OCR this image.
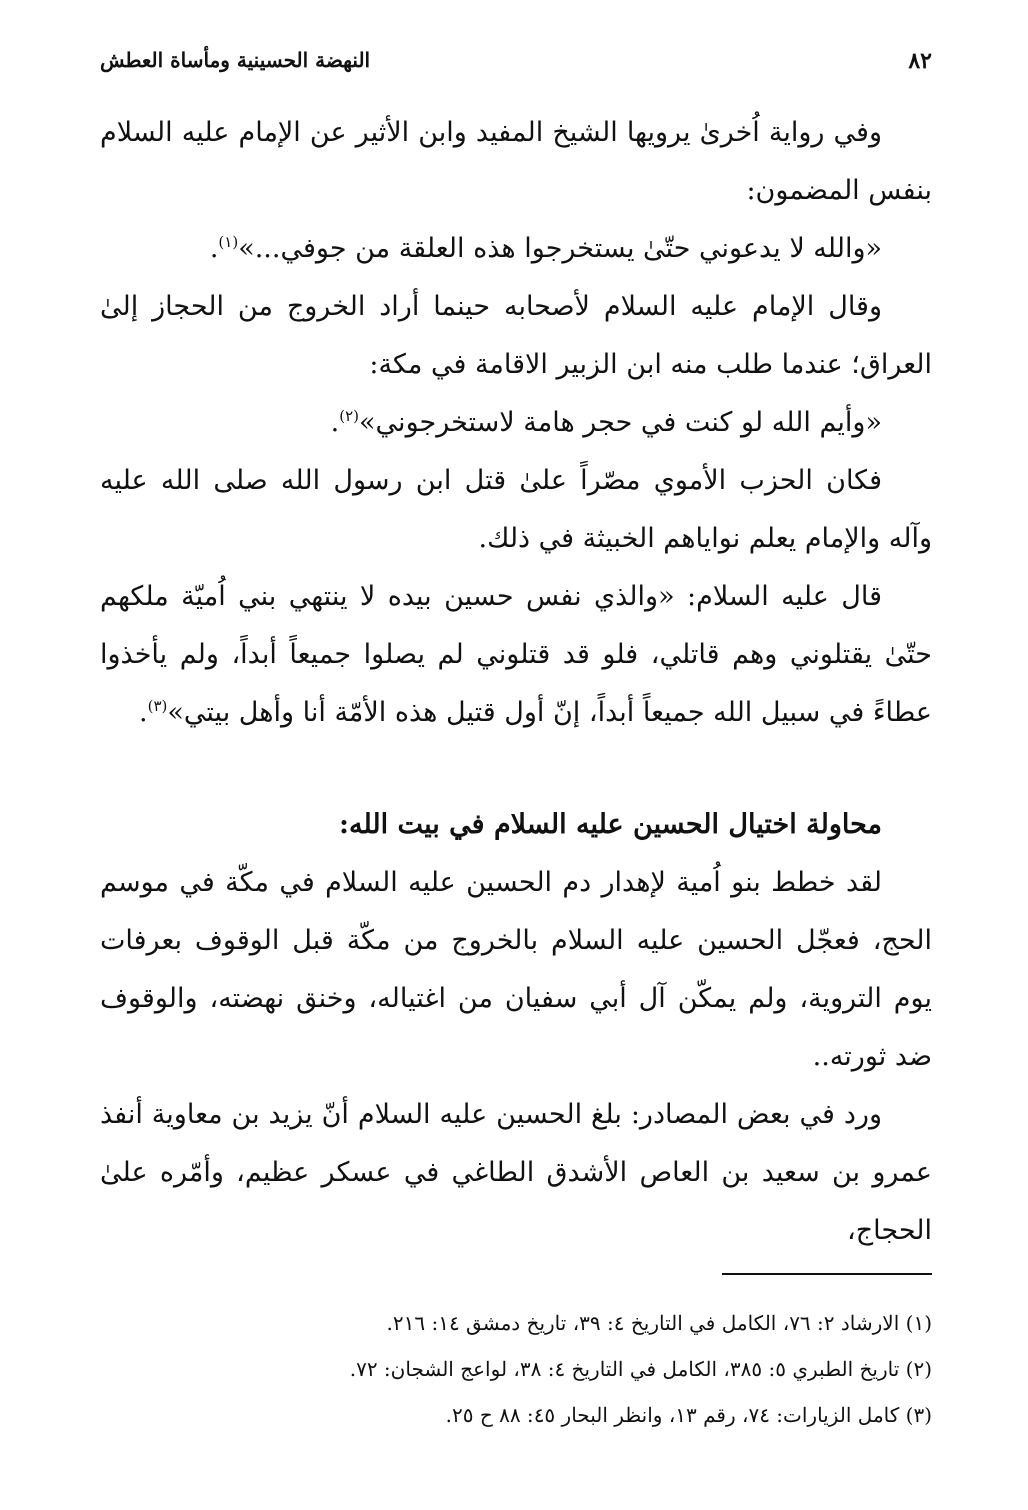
النهضة الحسينية ومأساة العطش	٨٢

وفي رواية اُخرىٰ يرويها الشيخ المفيد وابن الأثير عن الإمام عليه السلام بنفس المضمون:

«والله لا يدعوني حتّىٰ يستخرجوا هذه العلقة من جوفي...»$^{(١)}$.

وقال الإمام عليه السلام لأصحابه حينما أراد الخروج من الحجاز إلىٰ العراق؛ عندما طلب منه ابن الزبير الاقامة في مكة:

«وأيم الله لو كنت في حجر هامة لاستخرجوني»$^{(٢)}$.

فكان الحزب الأموي مصّراً علىٰ قتل ابن رسول الله صلى الله عليه وآله والإمام يعلم نواياهم الخبيثة في ذلك.

قال عليه السلام: «والذي نفس حسين بيده لا ينتهي بني اُميّة ملكهم حتّىٰ يقتلوني وهم قاتلي، فلو قد قتلوني لم يصلوا جميعاً أبداً، ولم يأخذوا عطاءً في سبيل الله جميعاً أبداً، إنّ أول قتيل هذه الأمّة أنا وأهل بيتي»$^{(٣)}$.

محاولة اختيال الحسين عليه السلام في بيت الله:

لقد خطط بنو اُمية لإهدار دم الحسين عليه السلام في مكّة في موسم الحج، فعجّل الحسين عليه السلام بالخروج من مكّة قبل الوقوف بعرفات يوم التروية، ولم يمكّن آل أبي سفيان من اغتياله، وخنق نهضته، والوقوف ضد ثورته..

ورد في بعض المصادر: بلغ الحسين عليه السلام أنّ يزيد بن معاوية أنفذ عمرو بن سعيد بن العاص الأشدق الطاغي في عسكر عظيم، وأمّره علىٰ الحجاج،

(١) الارشاد ٢: ٧٦، الكامل في التاريخ ٤: ٣٩، تاريخ دمشق ١٤: ٢١٦.
(٢) تاريخ الطبري ٥: ٣٨٥، الكامل في التاريخ ٤: ٣٨، لواعج الشجان: ٧٢.
(٣) كامل الزيارات: ٧٤، رقم ١٣، وانظر البحار ٤٥: ٨٨ ح ٢٥.
